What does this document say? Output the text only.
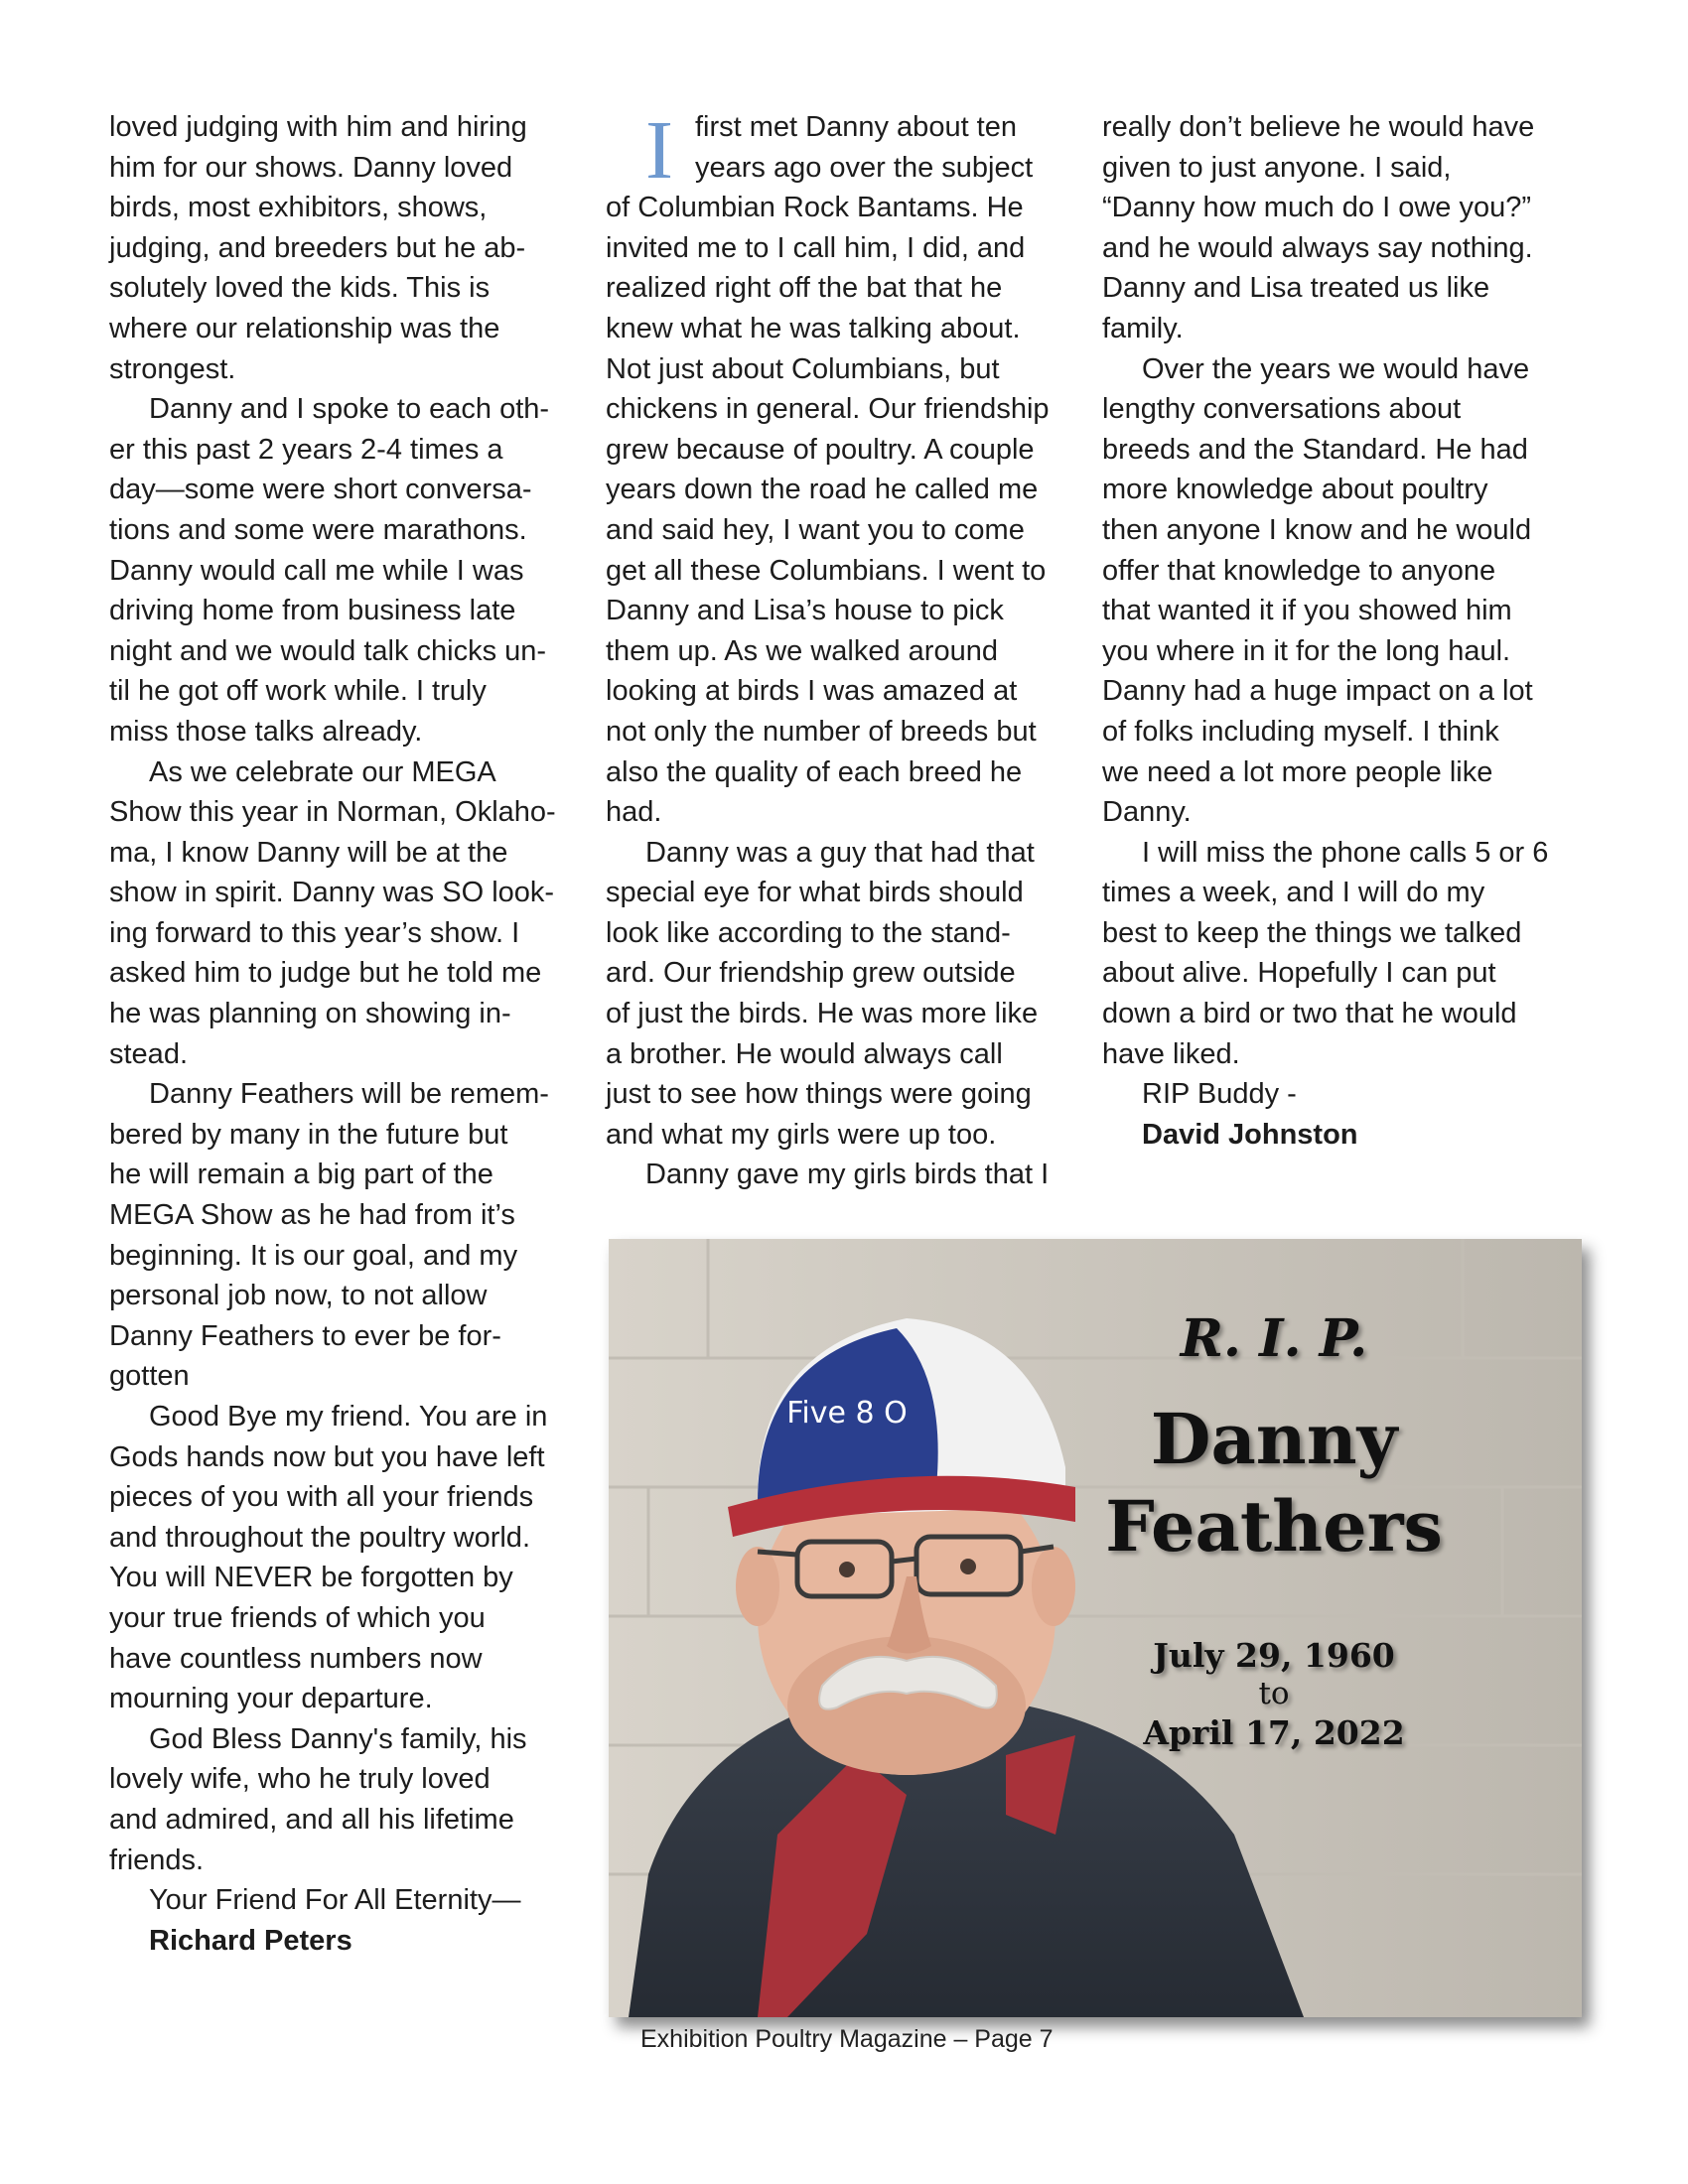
loved judging with him and hiring
him for our shows. Danny loved
birds, most exhibitors, shows,
judging, and breeders but he ab-
solutely loved the kids. This is
where our relationship was the
strongest.
Danny and I spoke to each oth-
er this past 2 years 2-4 times a
day—some were short conversa-
tions and some were marathons.
Danny would call me while I was
driving home from business late
night and we would talk chicks un-
til he got off work while. I truly
miss those talks already.
As we celebrate our MEGA
Show this year in Norman, Oklaho-
ma, I know Danny will be at the
show in spirit. Danny was SO look-
ing forward to this year’s show. I
asked him to judge but he told me
he was planning on showing in-
stead.
Danny Feathers will be remem-
bered by many in the future but
he will remain a big part of the
MEGA Show as he had from it’s
beginning. It is our goal, and my
personal job now, to not allow
Danny Feathers to ever be for-
gotten
Good Bye my friend. You are in
Gods hands now but you have left
pieces of you with all your friends
and throughout the poultry world.
You will NEVER be forgotten by
your true friends of which you
have countless numbers now
mourning your departure.
God Bless Danny's family, his
lovely wife, who he truly loved
and admired, and all his lifetime
friends.
Your Friend For All Eternity—
Richard Peters
I first met Danny about ten
years ago over the subject
of Columbian Rock Bantams. He
invited me to I call him, I did, and
realized right off the bat that he
knew what he was talking about.
Not just about Columbians, but
chickens in general. Our friendship
grew because of poultry. A couple
years down the road he called me
and said hey, I want you to come
get all these Columbians. I went to
Danny and Lisa’s house to pick
them up. As we walked around
looking at birds I was amazed at
not only the number of breeds but
also the quality of each breed he
had.
Danny was a guy that had that
special eye for what birds should
look like according to the stand-
ard. Our friendship grew outside
of just the birds. He was more like
a brother. He would always call
just to see how things were going
and what my girls were up too.
Danny gave my girls birds that I
really don’t believe he would have
given to just anyone. I said,
“Danny how much do I owe you?”
and he would always say nothing.
Danny and Lisa treated us like
family.
Over the years we would have
lengthy conversations about
breeds and the Standard. He had
more knowledge about poultry
then anyone I know and he would
offer that knowledge to anyone
that wanted it if you showed him
you where in it for the long haul.
Danny had a huge impact on a lot
of folks including myself. I think
we need a lot more people like
Danny.
I will miss the phone calls 5 or 6
times a week, and I will do my
best to keep the things we talked
about alive. Hopefully I can put
down a bird or two that he would
have liked.
RIP Buddy -
David Johnston
Five 8 O
R. I. P.
Danny
Feathers
July 29, 1960
to
April 17, 2022
Exhibition Poultry Magazine – Page 7
